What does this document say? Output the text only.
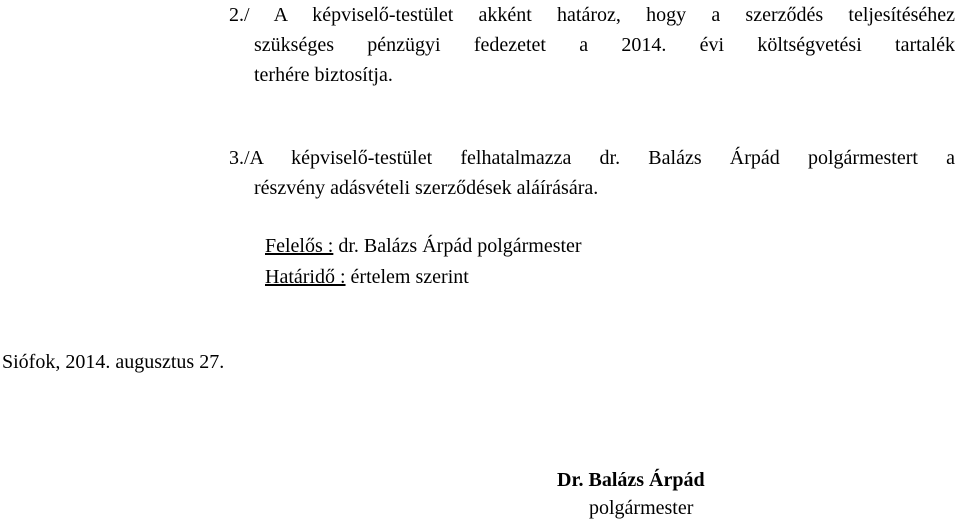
2./ A képviselő-testület akként határoz, hogy a szerződés teljesítéséhez

szükséges pénzügyi fedezetet a 2014. évi költségvetési tartalék

terhére biztosítja.

3./A képviselő-testület felhatalmazza dr. Balázs Árpád polgármestert a

részvény adásvételi szerződések aláírására.

Felelős : dr. Balázs Árpád polgármester

Határidő : értelem szerint

Siófok, 2014. augusztus 27.

Dr. Balázs Árpád

polgármester
